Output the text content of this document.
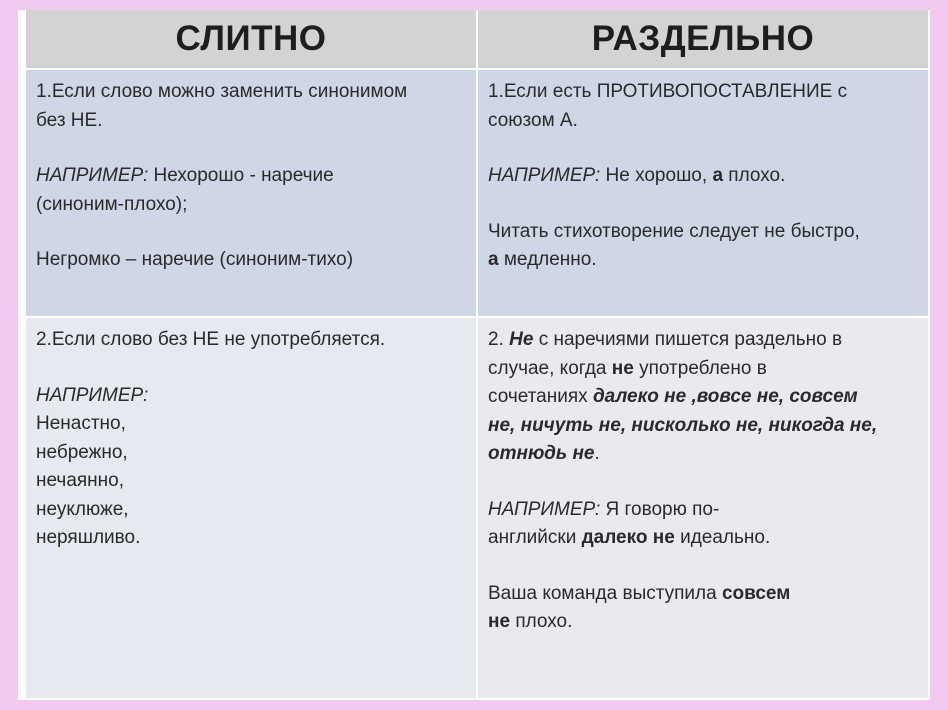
СЛИТНО	РАЗДЕЛЬНО

1.Если слово можно заменить синонимом

без НЕ.

НАПРИМЕР: Нехорошо - наречие

(синоним-плохо);

Негромко – наречие (синоним-тихо)

1.Если есть ПРОТИВОПОСТАВЛЕНИЕ с

союзом А.

НАПРИМЕР: Не хорошо, а плохо.

Читать стихотворение следует не быстро,

а медленно.

2.Если слово без НЕ не употребляется.

НАПРИМЕР:

Ненастно,

небрежно,

нечаянно,

неуклюже,

неряшливо.

2. Не с наречиями пишется раздельно в

случае, когда не употреблено в

сочетаниях далеко не ,вовсе не, совсем

не, ничуть не, нисколько не, никогда не,

отнюдь не.

НАПРИМЕР: Я говорю по-

английски далеко не идеально.

Ваша команда выступила совсем

не плохо.
